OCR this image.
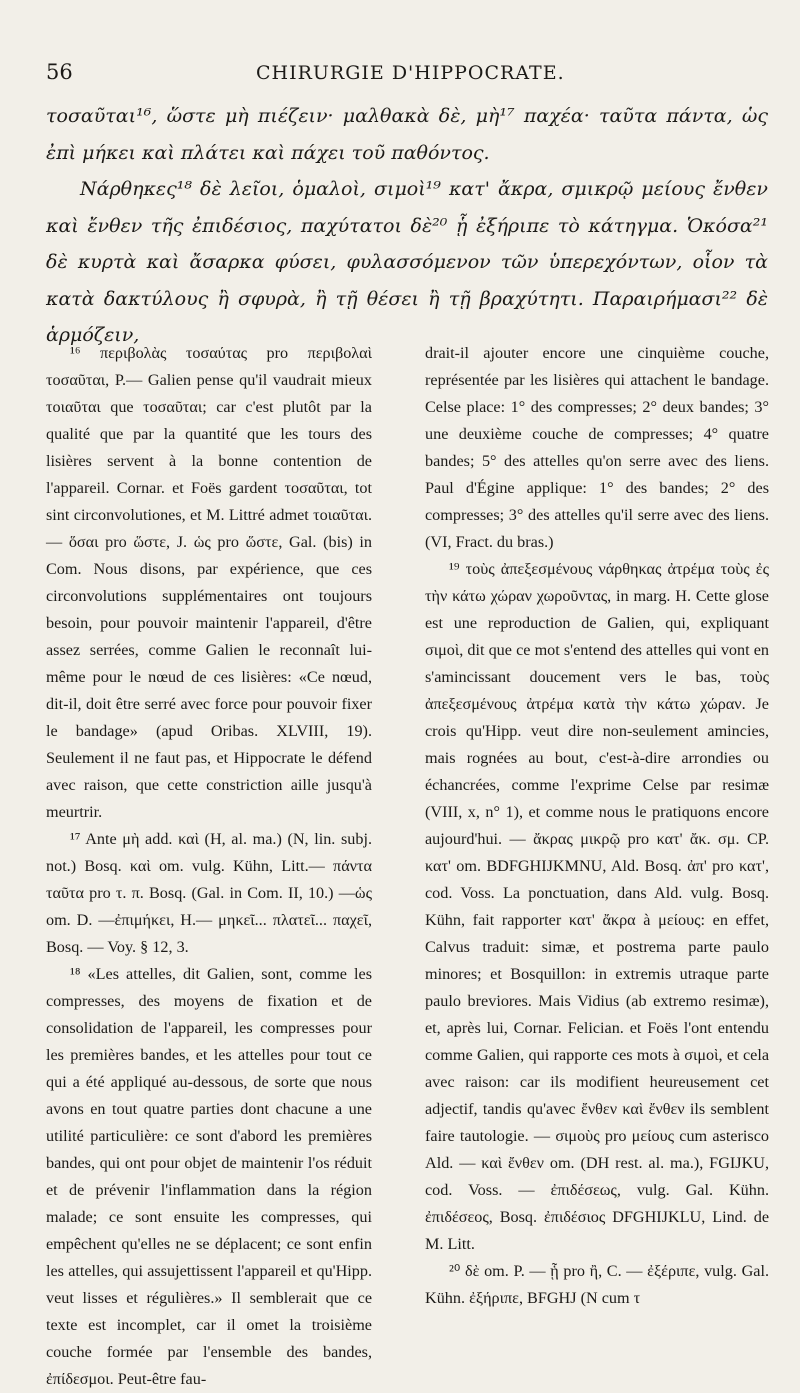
56	CHIRURGIE D'HIPPOCRATE.

τοσαῦται¹⁶, ὥστε μὴ πιέζειν· μαλθακὰ δὲ, μὴ¹⁷ παχέα· ταῦτα πάντα, ὡς ἐπὶ μήκει καὶ πλάτει καὶ πάχει τοῦ παθόντος.

Νάρθηκες¹⁸ δὲ λεῖοι, ὁμαλοὶ, σιμοὶ¹⁹ κατ' ἄκρα, σμικρῷ μείους ἔνθεν καὶ ἔνθεν τῆς ἐπιδέσιος, παχύτατοι δὲ²⁰ ᾗ ἐξήριπε τὸ κάτηγμα. Ὁκόσα²¹ δὲ κυρτὰ καὶ ἄσαρκα φύσει, φυλασσόμενον τῶν ὑπερεχόντων, οἷον τὰ κατὰ δακτύλους ἢ σφυρὰ, ἢ τῇ θέσει ἢ τῇ βραχύτητι. Παραιρήμασι²² δὲ ἁρμόζειν,

¹⁶ περιβολὰς τοσαύτας pro περιβολαὶ τοσαῦται, P.— Galien pense qu'il vaudrait mieux τοιαῦται que τοσαῦται; car c'est plutôt par la qualité que par la quantité que les tours des lisières servent à la bonne contention de l'appareil. Cornar. et Foës gardent τοσαῦται, tot sint circonvolutiones, et M. Littré admet τοιαῦται.— ὅσαι pro ὥστε, J. ὡς pro ὥστε, Gal. (bis) in Com. Nous disons, par expérience, que ces circonvolutions supplémentaires ont toujours besoin, pour pouvoir maintenir l'appareil, d'être assez serrées, comme Galien le reconnaît lui-même pour le nœud de ces lisières: «Ce nœud, dit-il, doit être serré avec force pour pouvoir fixer le bandage» (apud Oribas. XLVIII, 19). Seulement il ne faut pas, et Hippocrate le défend avec raison, que cette constriction aille jusqu'à meurtrir.

¹⁷ Ante μὴ add. καὶ (H, al. ma.) (N, lin. subj. not.) Bosq. καὶ om. vulg. Kühn, Litt.— πάντα ταῦτα pro τ. π. Bosq. (Gal. in Com. II, 10.) —ὡς om. D. —ἐπιμήκει, H.— μηκεῖ... πλατεῖ... παχεῖ, Bosq. — Voy. § 12, 3.

¹⁸ «Les attelles, dit Galien, sont, comme les compresses, des moyens de fixation et de consolidation de l'appareil, les compresses pour les premières bandes, et les attelles pour tout ce qui a été appliqué au-dessous, de sorte que nous avons en tout quatre parties dont chacune a une utilité particulière: ce sont d'abord les premières bandes, qui ont pour objet de maintenir l'os réduit et de prévenir l'inflammation dans la région malade; ce sont ensuite les compresses, qui empêchent qu'elles ne se déplacent; ce sont enfin les attelles, qui assujettissent l'appareil et qu'Hipp. veut lisses et régulières.» Il semblerait que ce texte est incomplet, car il omet la troisième couche formée par l'ensemble des bandes, ἐπίδεσμοι. Peut-être fau-

drait-il ajouter encore une cinquième couche, représentée par les lisières qui attachent le bandage. Celse place: 1° des compresses; 2° deux bandes; 3° une deuxième couche de compresses; 4° quatre bandes; 5° des attelles qu'on serre avec des liens. Paul d'Égine applique: 1° des bandes; 2° des compresses; 3° des attelles qu'il serre avec des liens. (VI, Fract. du bras.)

¹⁹ τοὺς ἀπεξεσμένους νάρθηκας ἀτρέμα τοὺς ἐς τὴν κάτω χώραν χωροῦντας, in marg. H. Cette glose est une reproduction de Galien, qui, expliquant σιμοὶ, dit que ce mot s'entend des attelles qui vont en s'amincissant doucement vers le bas, τοὺς ἀπεξεσμένους ἀτρέμα κατὰ τὴν κάτω χώραν. Je crois qu'Hipp. veut dire non-seulement amincies, mais rognées au bout, c'est-à-dire arrondies ou échancrées, comme l'exprime Celse par resimæ (VIII, x, n° 1), et comme nous le pratiquons encore aujourd'hui. — ἄκρας μικρῷ pro κατ' ἄκ. σμ. CP. κατ' om. BDFGHIJKMNU, Ald. Bosq. ἀπ' pro κατ', cod. Voss. La ponctuation, dans Ald. vulg. Bosq. Kühn, fait rapporter κατ' ἄκρα à μείους: en effet, Calvus traduit: simæ, et postrema parte paulo minores; et Bosquillon: in extremis utraque parte paulo breviores. Mais Vidius (ab extremo resimæ), et, après lui, Cornar. Felician. et Foës l'ont entendu comme Galien, qui rapporte ces mots à σιμοὶ, et cela avec raison: car ils modifient heureusement cet adjectif, tandis qu'avec ἔνθεν καὶ ἔνθεν ils semblent faire tautologie. — σιμοὺς pro μείους cum asterisco Ald. — καὶ ἔνθεν om. (DH rest. al. ma.), FGIJKU, cod. Voss. — ἐπιδέσεως, vulg. Gal. Kühn. ἐπιδέσεος, Bosq. ἐπιδέσιος DFGHIJKLU, Lind. de M. Litt.

²⁰ δὲ om. P. — ᾗ pro ἢ, C. — ἐξέριπε, vulg. Gal. Kühn. ἐξήριπε, BFGHJ (N cum τ
